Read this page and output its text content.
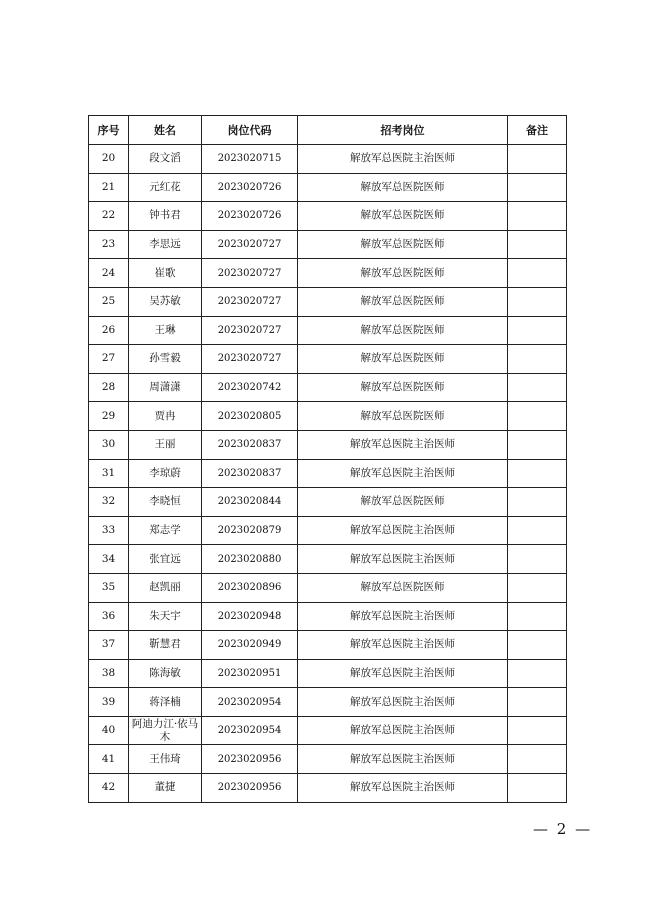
序号	姓名	岗位代码	招考岗位	备注
20	段文滔	2023020715	解放军总医院主治医师	
21	元红花	2023020726	解放军总医院医师	
22	钟书君	2023020726	解放军总医院医师	
23	李思远	2023020727	解放军总医院医师	
24	崔歌	2023020727	解放军总医院医师	
25	吴苏敏	2023020727	解放军总医院医师	
26	王琳	2023020727	解放军总医院医师	
27	孙雪毅	2023020727	解放军总医院医师	
28	周潇潇	2023020742	解放军总医院医师	
29	贾冉	2023020805	解放军总医院医师	
30	王丽	2023020837	解放军总医院主治医师	
31	李琼蔚	2023020837	解放军总医院主治医师	
32	李晓恒	2023020844	解放军总医院医师	
33	郑志学	2023020879	解放军总医院主治医师	
34	张宜远	2023020880	解放军总医院主治医师	
35	赵凯丽	2023020896	解放军总医院医师	
36	朱天宇	2023020948	解放军总医院主治医师	
37	靳慧君	2023020949	解放军总医院主治医师	
38	陈海敏	2023020951	解放军总医院主治医师	
39	蒋泽楠	2023020954	解放军总医院主治医师	
40	阿迪力江·依马木	2023020954	解放军总医院主治医师	
41	王伟琦	2023020956	解放军总医院主治医师	
42	董捷	2023020956	解放军总医院主治医师	
— 2 —
